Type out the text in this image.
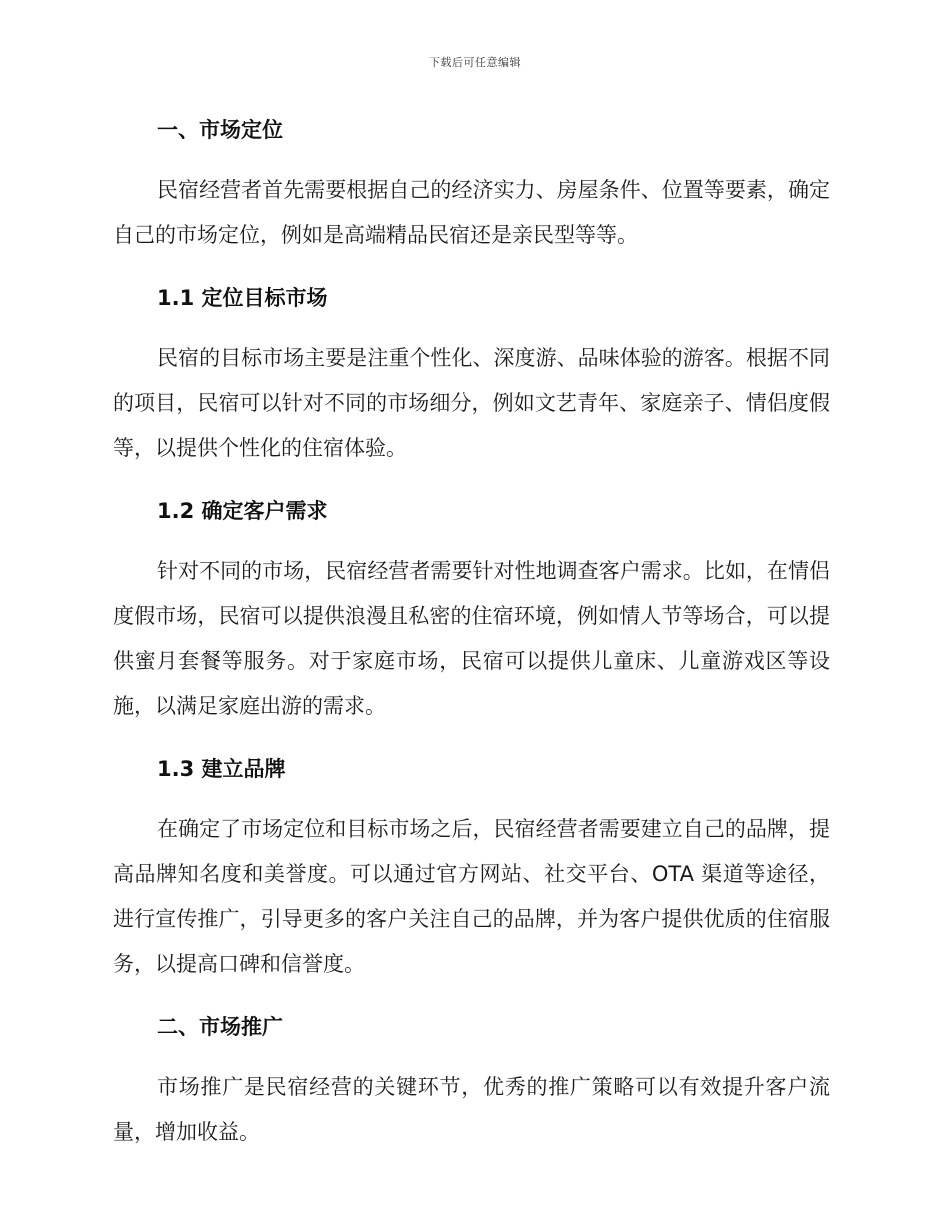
下载后可任意编辑
一、市场定位

民宿经营者首先需要根据自己的经济实力、房屋条件、位置等要素，确定自己的市场定位，例如是高端精品民宿还是亲民型等等。

1.1 定位目标市场

民宿的目标市场主要是注重个性化、深度游、品味体验的游客。根据不同的项目，民宿可以针对不同的市场细分，例如文艺青年、家庭亲子、情侣度假等，以提供个性化的住宿体验。

1.2 确定客户需求

针对不同的市场，民宿经营者需要针对性地调查客户需求。比如，在情侣度假市场，民宿可以提供浪漫且私密的住宿环境，例如情人节等场合，可以提供蜜月套餐等服务。对于家庭市场，民宿可以提供儿童床、儿童游戏区等设施，以满足家庭出游的需求。

1.3 建立品牌

在确定了市场定位和目标市场之后，民宿经营者需要建立自己的品牌，提高品牌知名度和美誉度。可以通过官方网站、社交平台、OTA 渠道等途径，进行宣传推广，引导更多的客户关注自己的品牌，并为客户提供优质的住宿服务，以提高口碑和信誉度。

二、市场推广

市场推广是民宿经营的关键环节，优秀的推广策略可以有效提升客户流量，增加收益。
